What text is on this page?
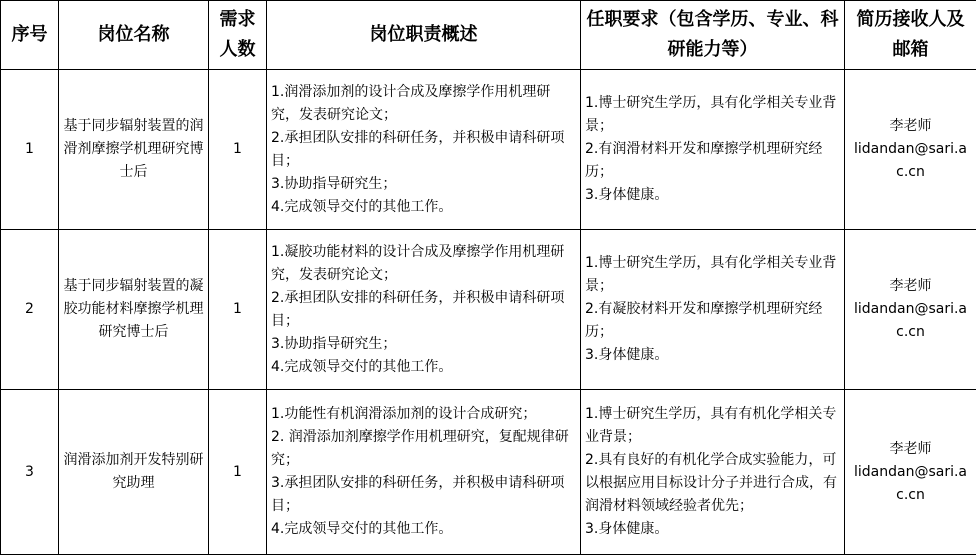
序号	岗位名称	需求人数	岗位职责概述	任职要求（包含学历、专业、科研能力等）	简历接收人及邮箱
1	基于同步辐射装置的润滑剂摩擦学机理研究博士后	1	1.润滑添加剂的设计合成及摩擦学作用机理研究，发表研究论文；
2.承担团队安排的科研任务，并积极申请科研项目；
3.协助指导研究生；
4.完成领导交付的其他工作。	1.博士研究生学历，具有化学相关专业背景；
2.有润滑材料开发和摩擦学机理研究经历；
3.身体健康。	李老师
lidandan@sari.ac.cn

2	基于同步辐射装置的凝胶功能材料摩擦学机理研究博士后	1	1.凝胶功能材料的设计合成及摩擦学作用机理研究，发表研究论文；
2.承担团队安排的科研任务，并积极申请科研项目；
3.协助指导研究生；
4.完成领导交付的其他工作。	1.博士研究生学历，具有化学相关专业背景；
2.有凝胶材料开发和摩擦学机理研究经历；
3.身体健康。	李老师
lidandan@sari.ac.cn

3	润滑添加剂开发特别研究助理	1	1.功能性有机润滑添加剂的设计合成研究；
2. 润滑添加剂摩擦学作用机理研究，复配规律研究；
3.承担团队安排的科研任务，并积极申请科研项目；
4.完成领导交付的其他工作。	1.博士研究生学历，具有有机化学相关专业背景；
2.具有良好的有机化学合成实验能力，可以根据应用目标设计分子并进行合成，有润滑材料领域经验者优先；
3.身体健康。	李老师
lidandan@sari.ac.cn
